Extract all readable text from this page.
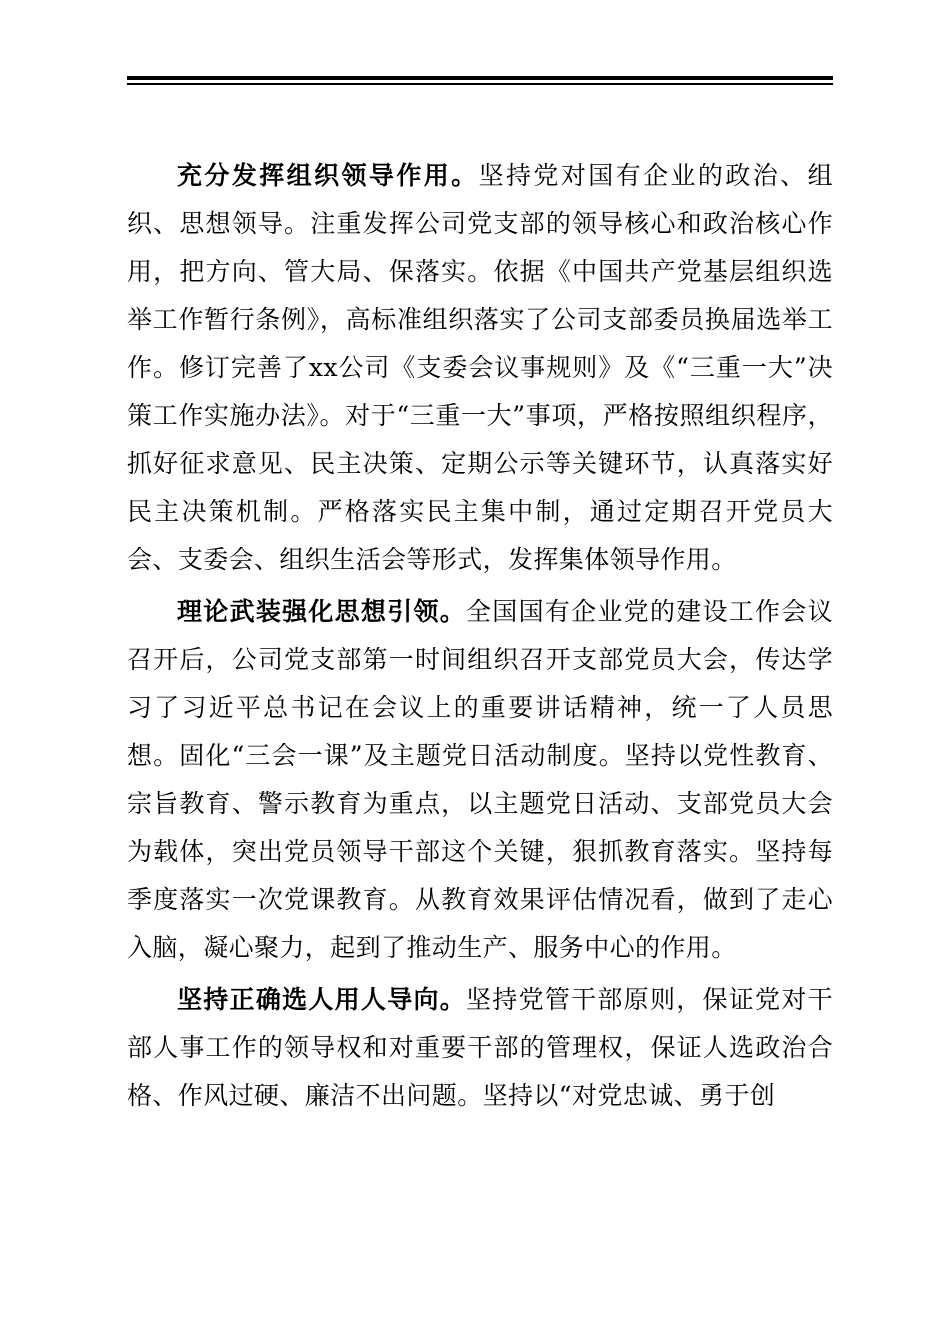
充分发挥组织领导作用。坚持党对国有企业的政治、组织、思想领导。注重发挥公司党支部的领导核心和政治核心作用，把方向、管大局、保落实。依据《中国共产党基层组织选举工作暂行条例》，高标准组织落实了公司支部委员换届选举工作。修订完善了xx公司《支委会议事规则》及《“三重一大”决策工作实施办法》。对于“三重一大”事项，严格按照组织程序，抓好征求意见、民主决策、定期公示等关键环节，认真落实好民主决策机制。严格落实民主集中制，通过定期召开党员大会、支委会、组织生活会等形式，发挥集体领导作用。

理论武装强化思想引领。全国国有企业党的建设工作会议召开后，公司党支部第一时间组织召开支部党员大会，传达学习了习近平总书记在会议上的重要讲话精神，统一了人员思想。固化“三会一课”及主题党日活动制度。坚持以党性教育、宗旨教育、警示教育为重点，以主题党日活动、支部党员大会为载体，突出党员领导干部这个关键，狠抓教育落实。坚持每季度落实一次党课教育。从教育效果评估情况看，做到了走心入脑，凝心聚力，起到了推动生产、服务中心的作用。

坚持正确选人用人导向。坚持党管干部原则，保证党对干部人事工作的领导权和对重要干部的管理权，保证人选政治合格、作风过硬、廉洁不出问题。坚持以“对党忠诚、勇于创
